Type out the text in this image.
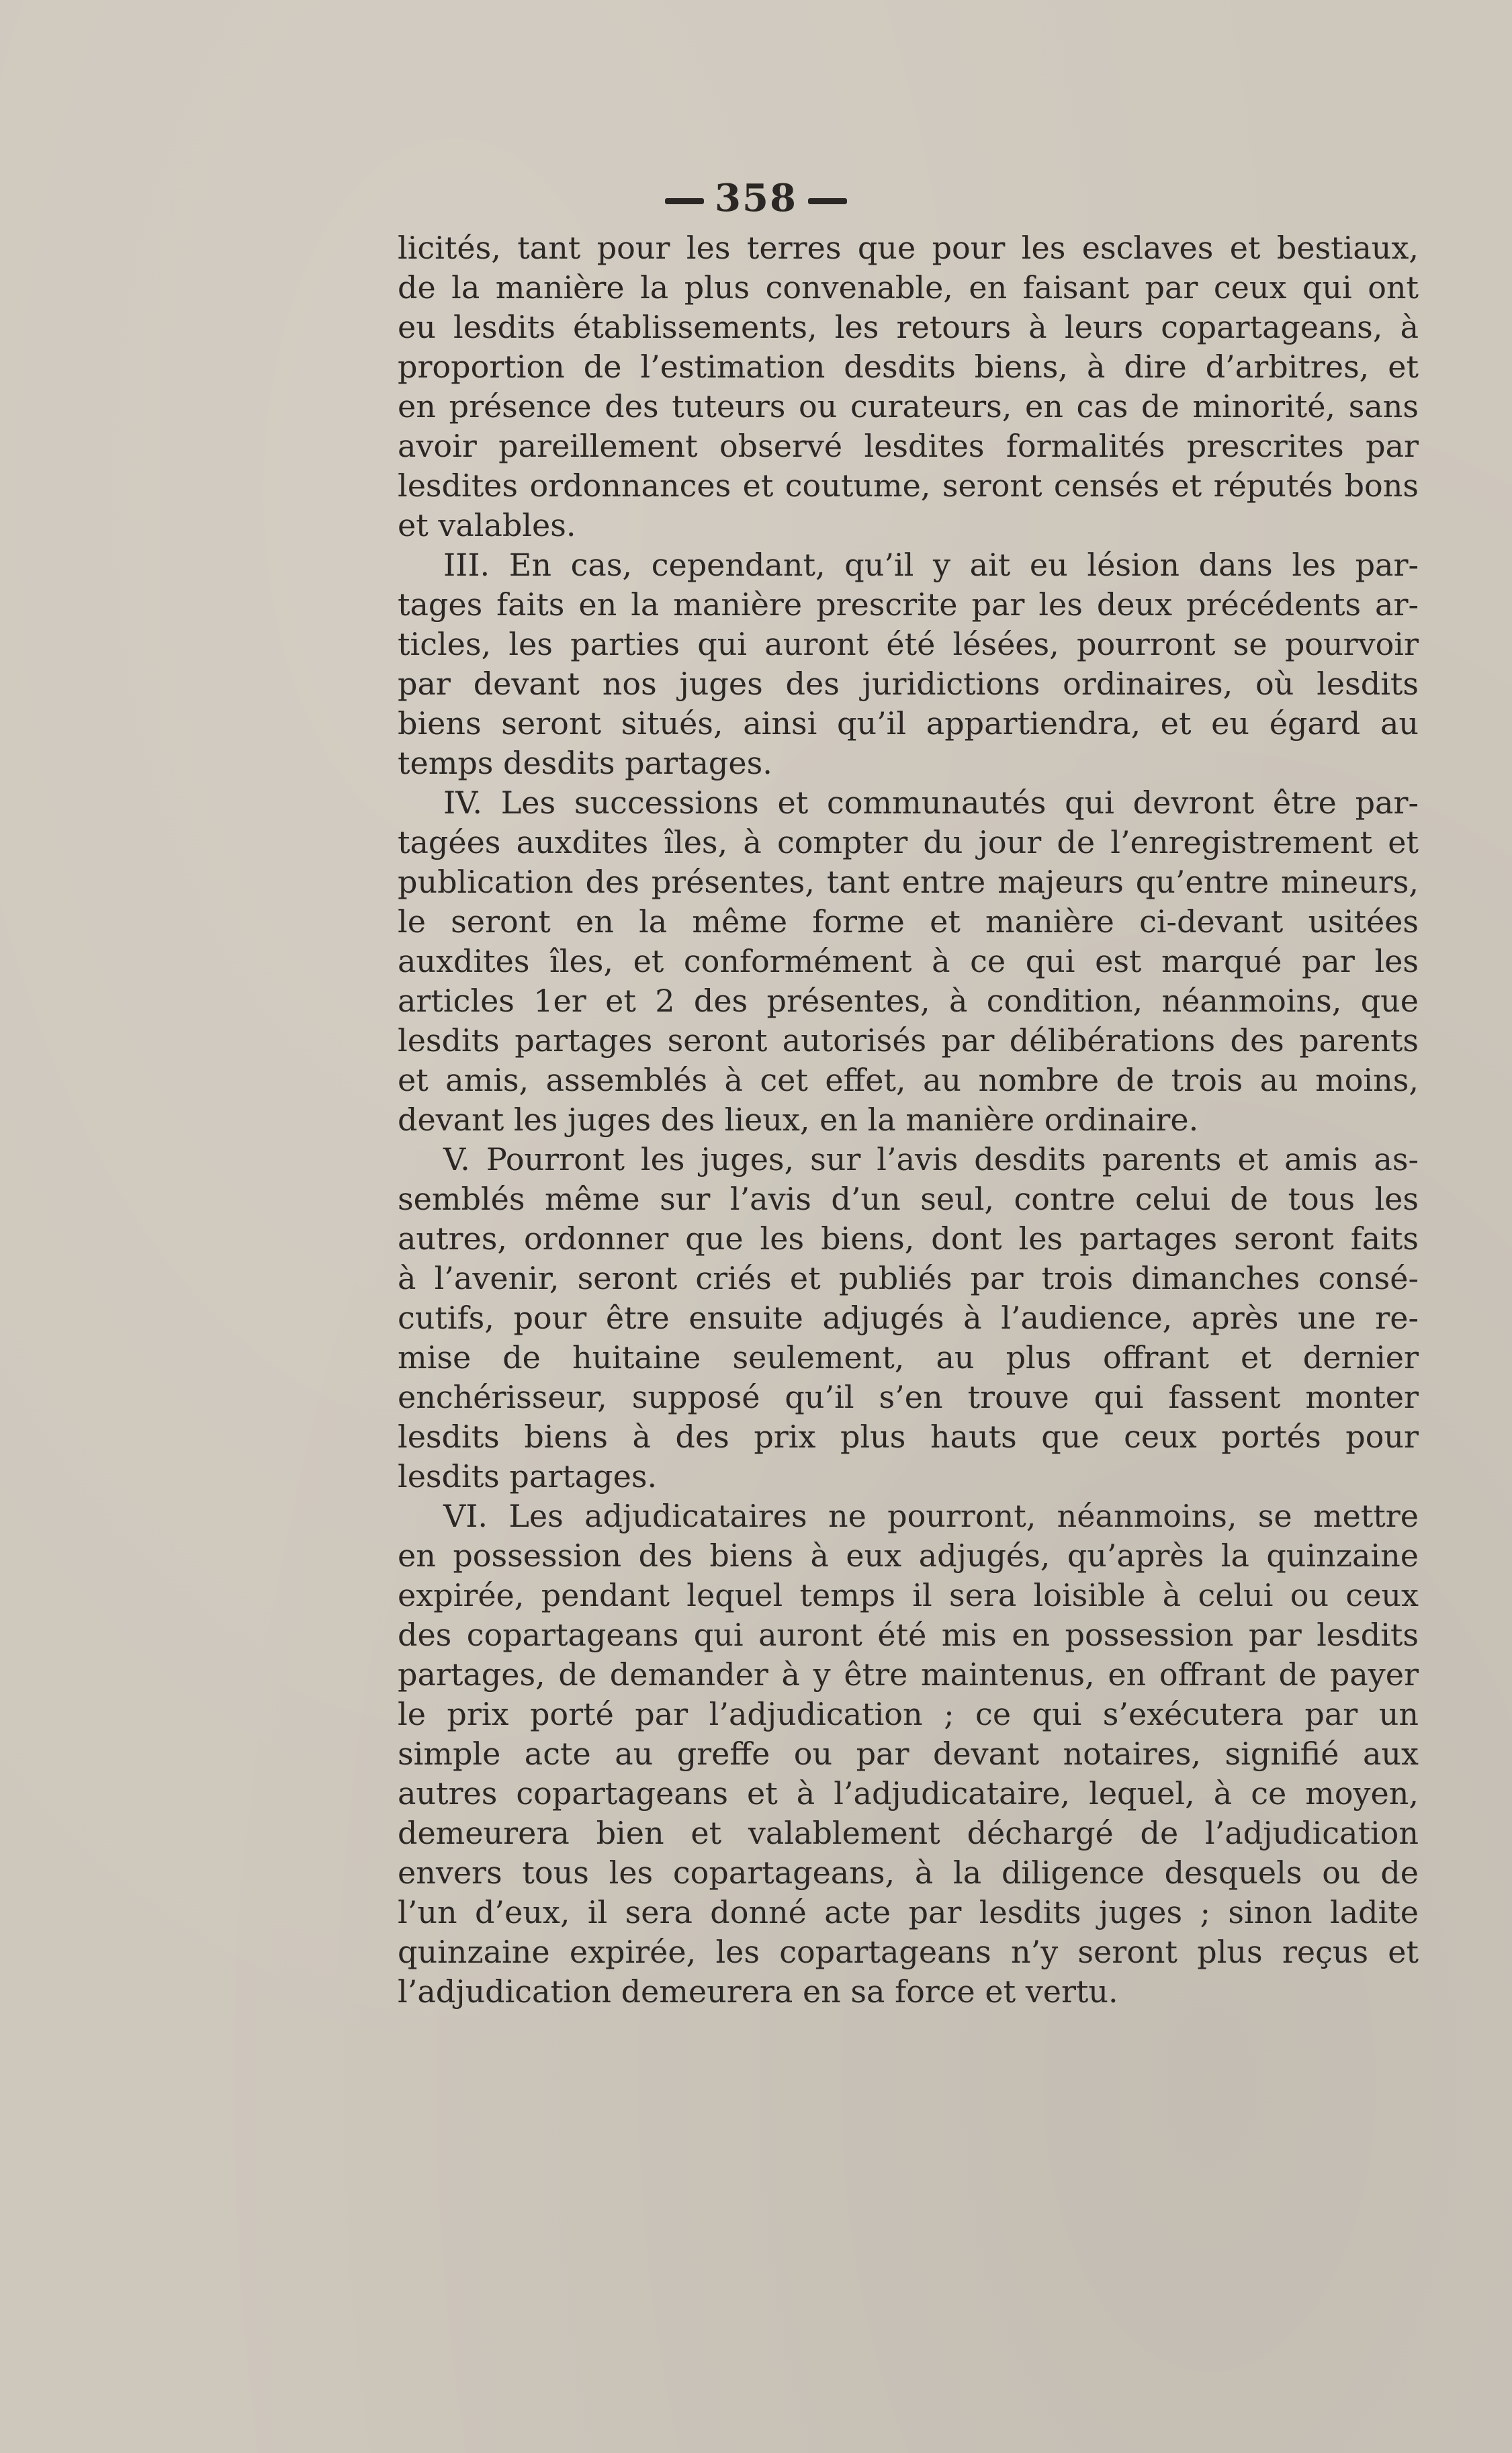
358
licités, tant pour les terres que pour les esclaves et bestiaux,
de la manière la plus convenable, en faisant par ceux qui ont
eu lesdits établissements, les retours à leurs copartageans, à
proportion de l’estimation desdits biens, à dire d’arbitres, et
en présence des tuteurs ou curateurs, en cas de minorité, sans
avoir pareillement observé lesdites formalités prescrites par
lesdites ordonnances et coutume, seront censés et réputés bons
et valables.
III. En cas, cependant, qu’il y ait eu lésion dans les par-
tages faits en la manière prescrite par les deux précédents ar-
ticles, les parties qui auront été lésées, pourront se pourvoir
par devant nos juges des juridictions ordinaires, où lesdits
biens seront situés, ainsi qu’il appartiendra, et eu égard au
temps desdits partages.
IV. Les successions et communautés qui devront être par-
tagées auxdites îles, à compter du jour de l’enregistrement et
publication des présentes, tant entre majeurs qu’entre mineurs,
le seront en la même forme et manière ci-devant usitées
auxdites îles, et conformément à ce qui est marqué par les
articles 1er et 2 des présentes, à condition, néanmoins, que
lesdits partages seront autorisés par délibérations des parents
et amis, assemblés à cet effet, au nombre de trois au moins,
devant les juges des lieux, en la manière ordinaire.
V. Pourront les juges, sur l’avis desdits parents et amis as-
semblés même sur l’avis d’un seul, contre celui de tous les
autres, ordonner que les biens, dont les partages seront faits
à l’avenir, seront criés et publiés par trois dimanches consé-
cutifs, pour être ensuite adjugés à l’audience, après une re-
mise de huitaine seulement, au plus offrant et dernier
enchérisseur, supposé qu’il s’en trouve qui fassent monter
lesdits biens à des prix plus hauts que ceux portés pour
lesdits partages.
VI. Les adjudicataires ne pourront, néanmoins, se mettre
en possession des biens à eux adjugés, qu’après la quinzaine
expirée, pendant lequel temps il sera loisible à celui ou ceux
des copartageans qui auront été mis en possession par lesdits
partages, de demander à y être maintenus, en offrant de payer
le prix porté par l’adjudication ; ce qui s’exécutera par un
simple acte au greffe ou par devant notaires, signifié aux
autres copartageans et à l’adjudicataire, lequel, à ce moyen,
demeurera bien et valablement déchargé de l’adjudication
envers tous les copartageans, à la diligence desquels ou de
l’un d’eux, il sera donné acte par lesdits juges ; sinon ladite
quinzaine expirée, les copartageans n’y seront plus reçus et
l’adjudication demeurera en sa force et vertu.
